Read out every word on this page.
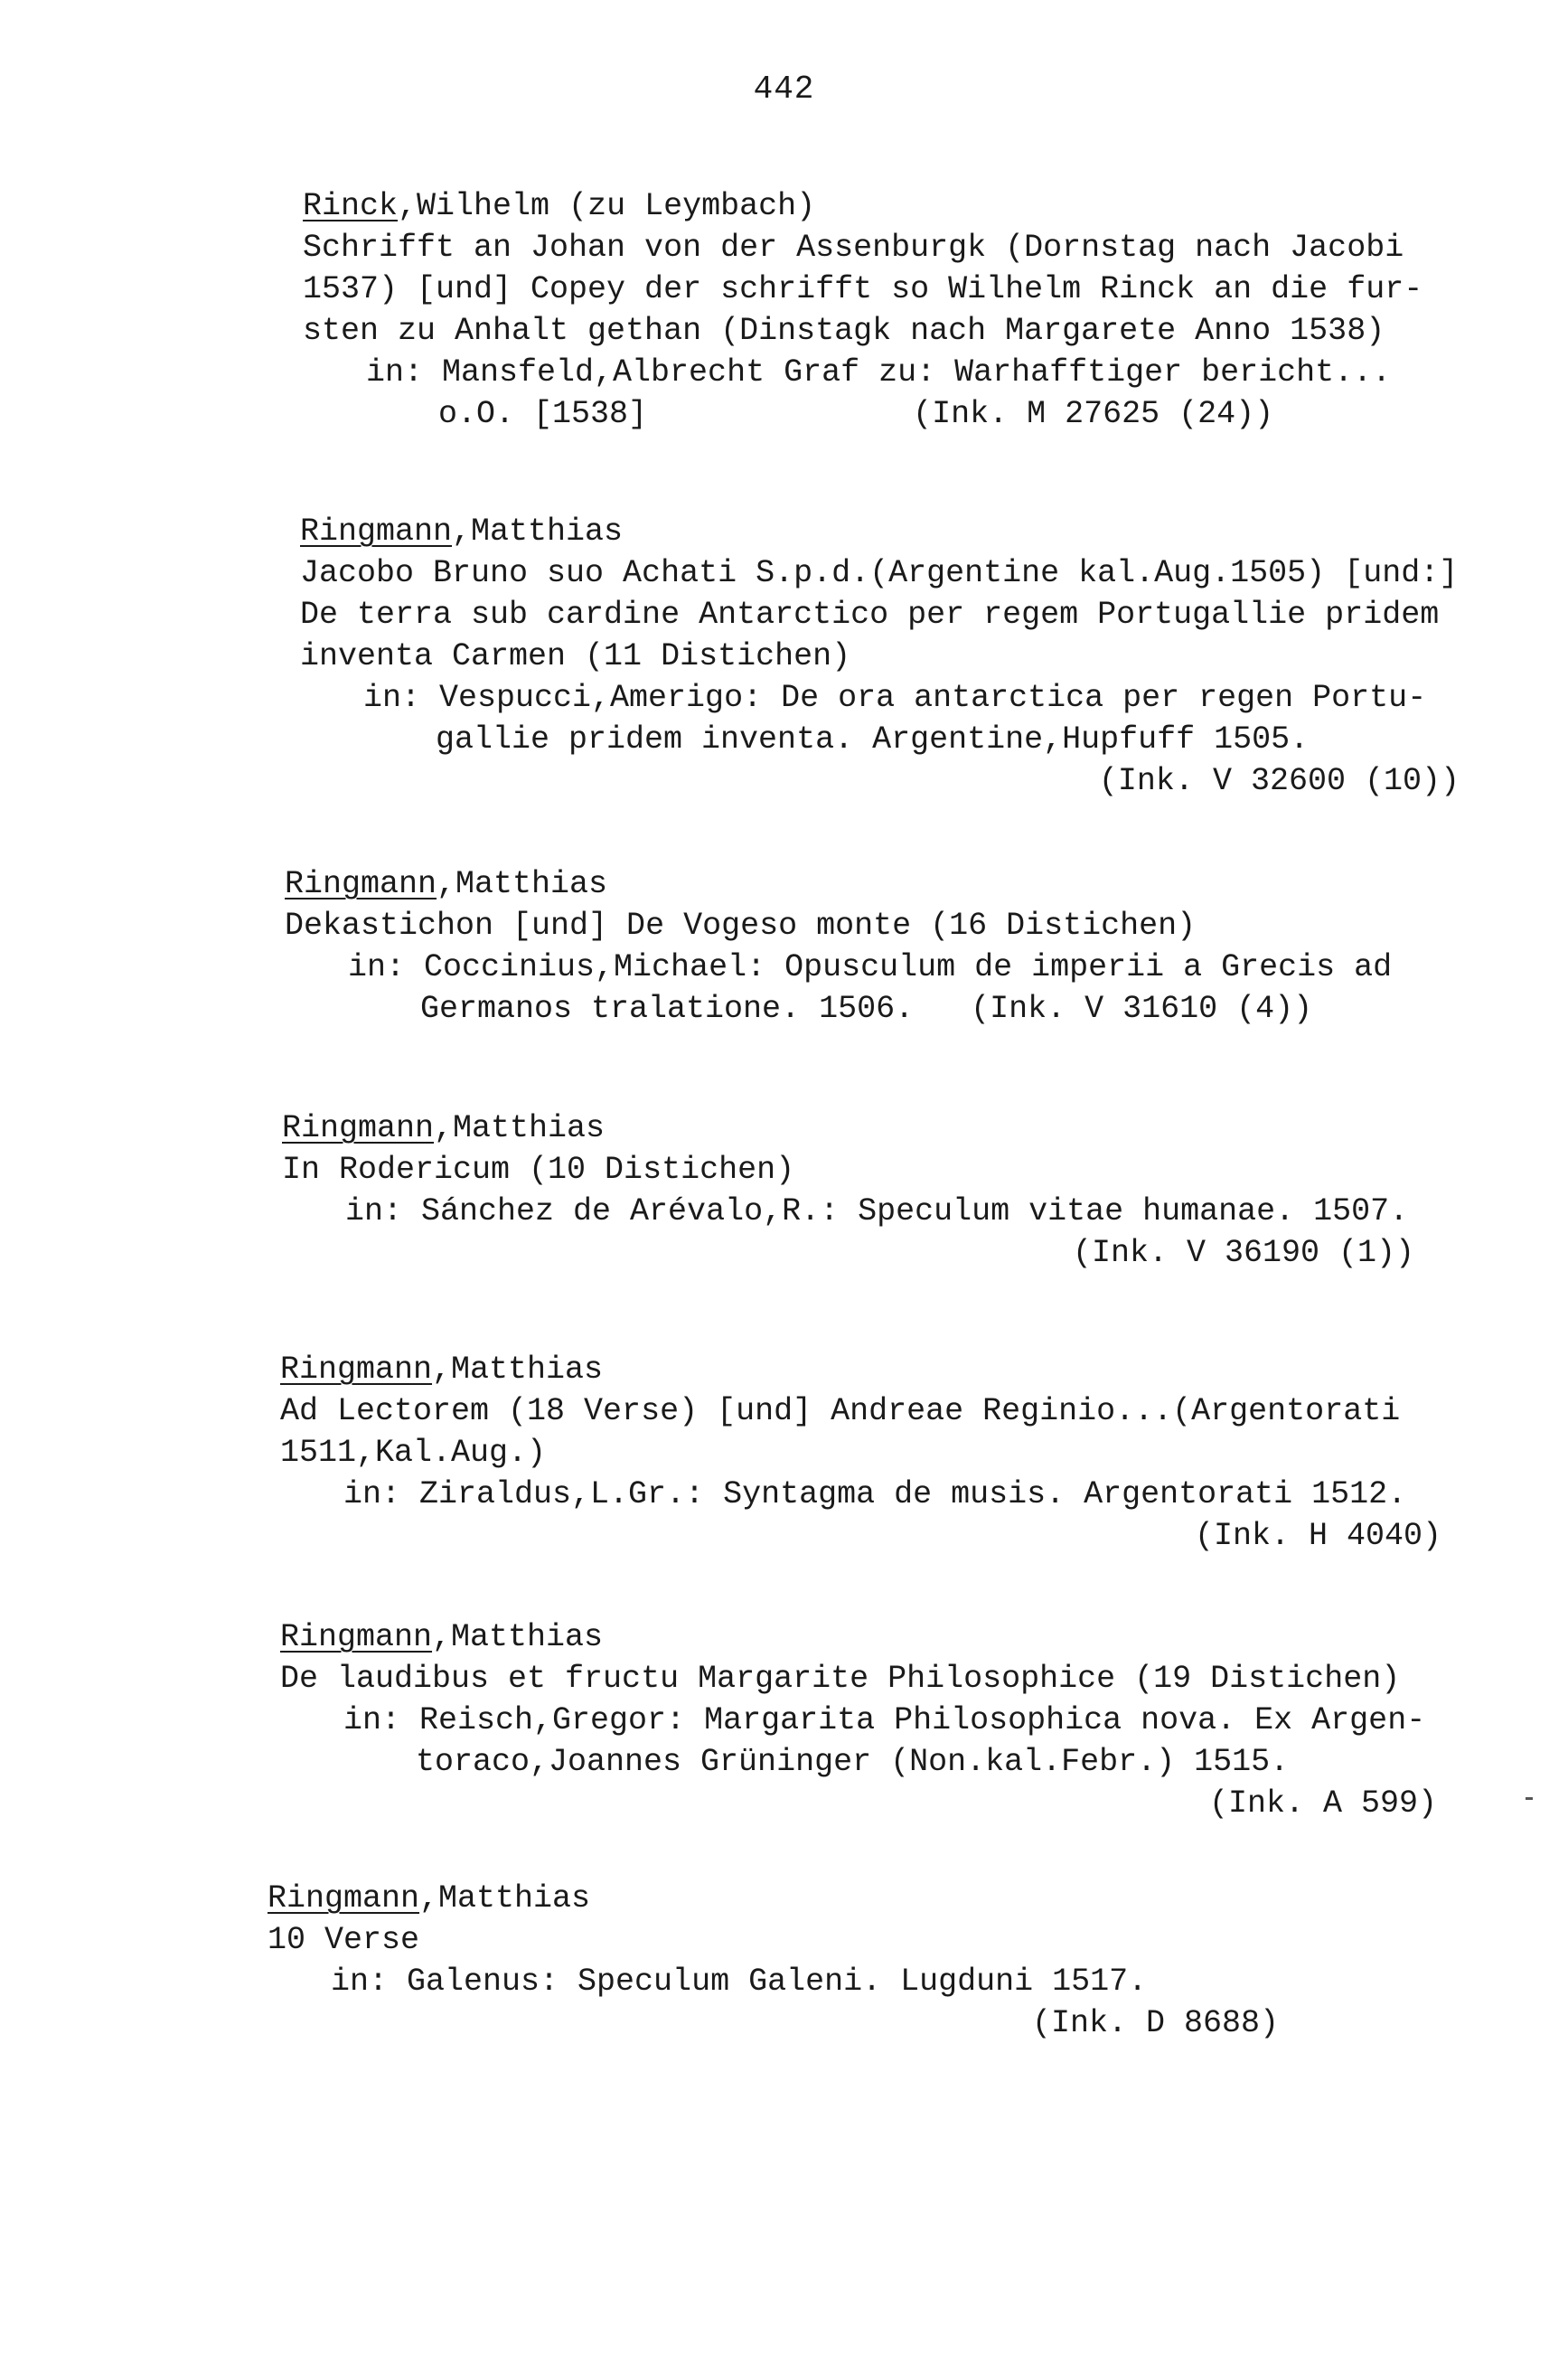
442
Rinck,Wilhelm (zu Leymbach)
Schrifft an Johan von der Assenburgk (Dornstag nach Jacobi
1537) [und] Copey der schrifft so Wilhelm Rinck an die fur-
sten zu Anhalt gethan (Dinstagk nach Margarete Anno 1538)
in: Mansfeld,Albrecht Graf zu: Warhafftiger bericht...
o.O. [1538]              (Ink. M 27625 (24))
Ringmann,Matthias
Jacobo Bruno suo Achati S.p.d.(Argentine kal.Aug.1505) [und:]
De terra sub cardine Antarctico per regem Portugallie pridem
inventa Carmen (11 Distichen)
in: Vespucci,Amerigo: De ora antarctica per regen Portu-
gallie pridem inventa. Argentine,Hupfuff 1505.
(Ink. V 32600 (10))
Ringmann,Matthias
Dekastichon [und] De Vogeso monte (16 Distichen)
in: Coccinius,Michael: Opusculum de imperii a Grecis ad
Germanos tralatione. 1506.   (Ink. V 31610 (4))
Ringmann,Matthias
In Rodericum (10 Distichen)
in: Sánchez de Arévalo,R.: Speculum vitae humanae. 1507.
(Ink. V 36190 (1))
Ringmann,Matthias
Ad Lectorem (18 Verse) [und] Andreae Reginio...(Argentorati
1511,Kal.Aug.)
in: Ziraldus,L.Gr.: Syntagma de musis. Argentorati 1512.
(Ink. H 4040)
Ringmann,Matthias
De laudibus et fructu Margarite Philosophice (19 Distichen)
in: Reisch,Gregor: Margarita Philosophica nova. Ex Argen-
toraco,Joannes Grüninger (Non.kal.Febr.) 1515.
(Ink. A 599)
Ringmann,Matthias
10 Verse
in: Galenus: Speculum Galeni. Lugduni 1517.
(Ink. D 8688)
